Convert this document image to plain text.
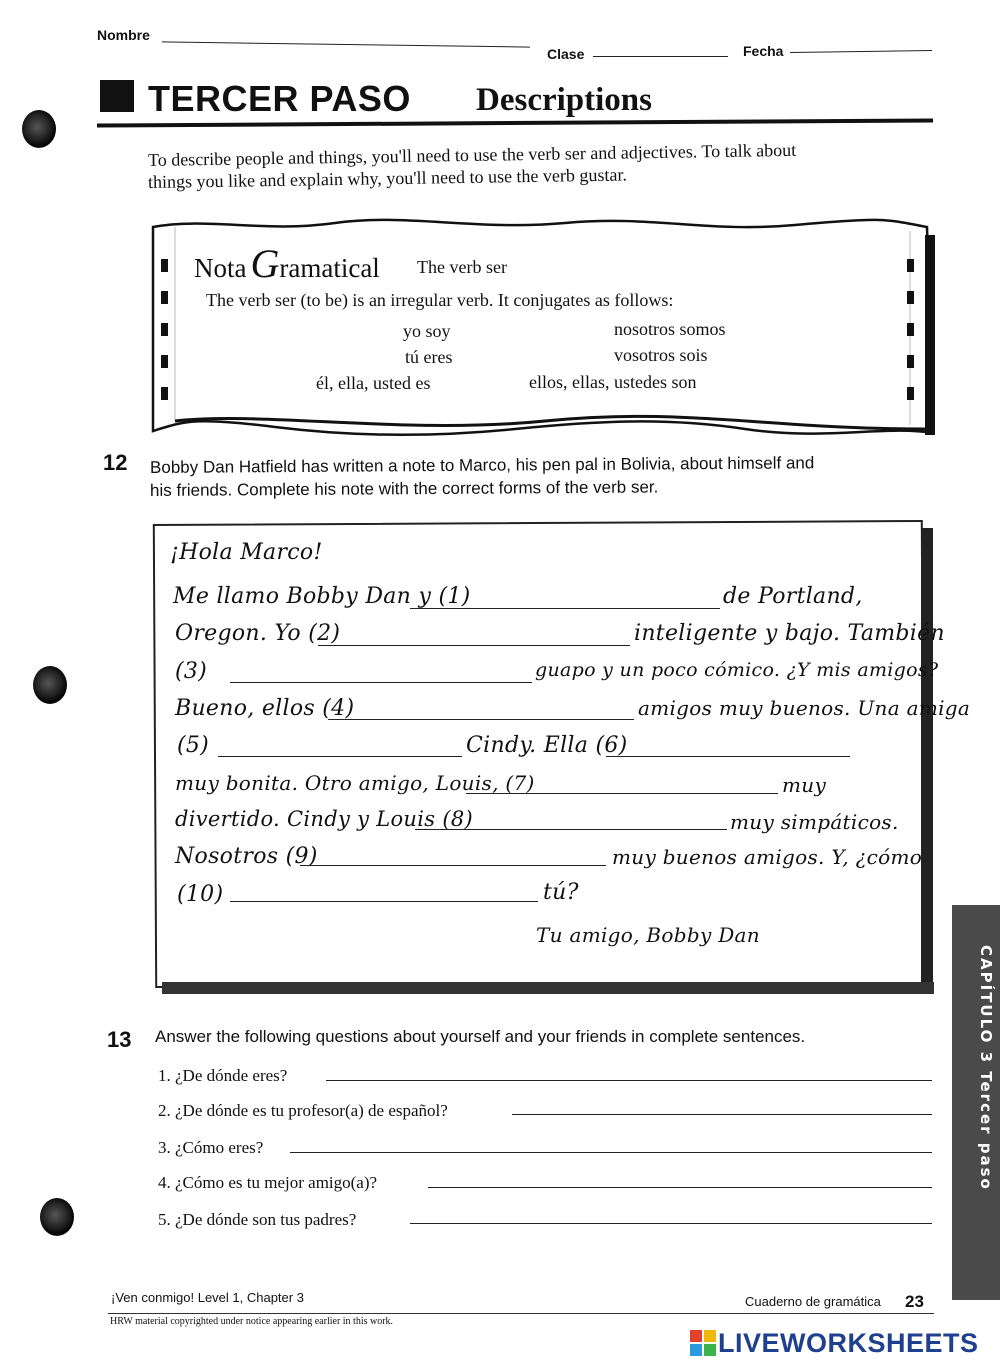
Nombre
Clase	Fecha
TERCER PASO Descriptions
To describe people and things, you'll need to use the verb ser and adjectives. To talk about
things you like and explain why, you'll need to use the verb gustar.
Nota Gramatical The verb ser
The verb ser (to be) is an irregular verb. It conjugates as follows:
yo soy	nosotros somos
tú eres	vosotros sois
él, ella, usted es	ellos, ellas, ustedes son
12 Bobby Dan Hatfield has written a note to Marco, his pen pal in Bolivia, about himself and
his friends. Complete his note with the correct forms of the verb ser.
¡Hola Marco!
Me llamo Bobby Dan y (1)	de Portland,
Oregon. Yo (2)	inteligente y bajo. También
(3)	guapo y un poco cómico. ¿Y mis amigos?
Bueno, ellos (4)	amigos muy buenos. Una amiga
(5)	Cindy. Ella (6)
muy bonita. Otro amigo, Louis, (7)	muy
divertido. Cindy y Louis (8)	muy simpáticos.
Nosotros (9)	muy buenos amigos. Y, ¿cómo
(10)	tú?
Tu amigo, Bobby Dan
13 Answer the following questions about yourself and your friends in complete sentences.
1. ¿De dónde eres?
2. ¿De dónde es tu profesor(a) de español?
3. ¿Cómo eres?
4. ¿Cómo es tu mejor amigo(a)?
5. ¿De dónde son tus padres?
CAPÍTULO 3 Tercer paso
¡Ven conmigo! Level 1, Chapter 3	Cuaderno de gramática 23
HRW material copyrighted under notice appearing earlier in this work.
LIVEWORKSHEETS
